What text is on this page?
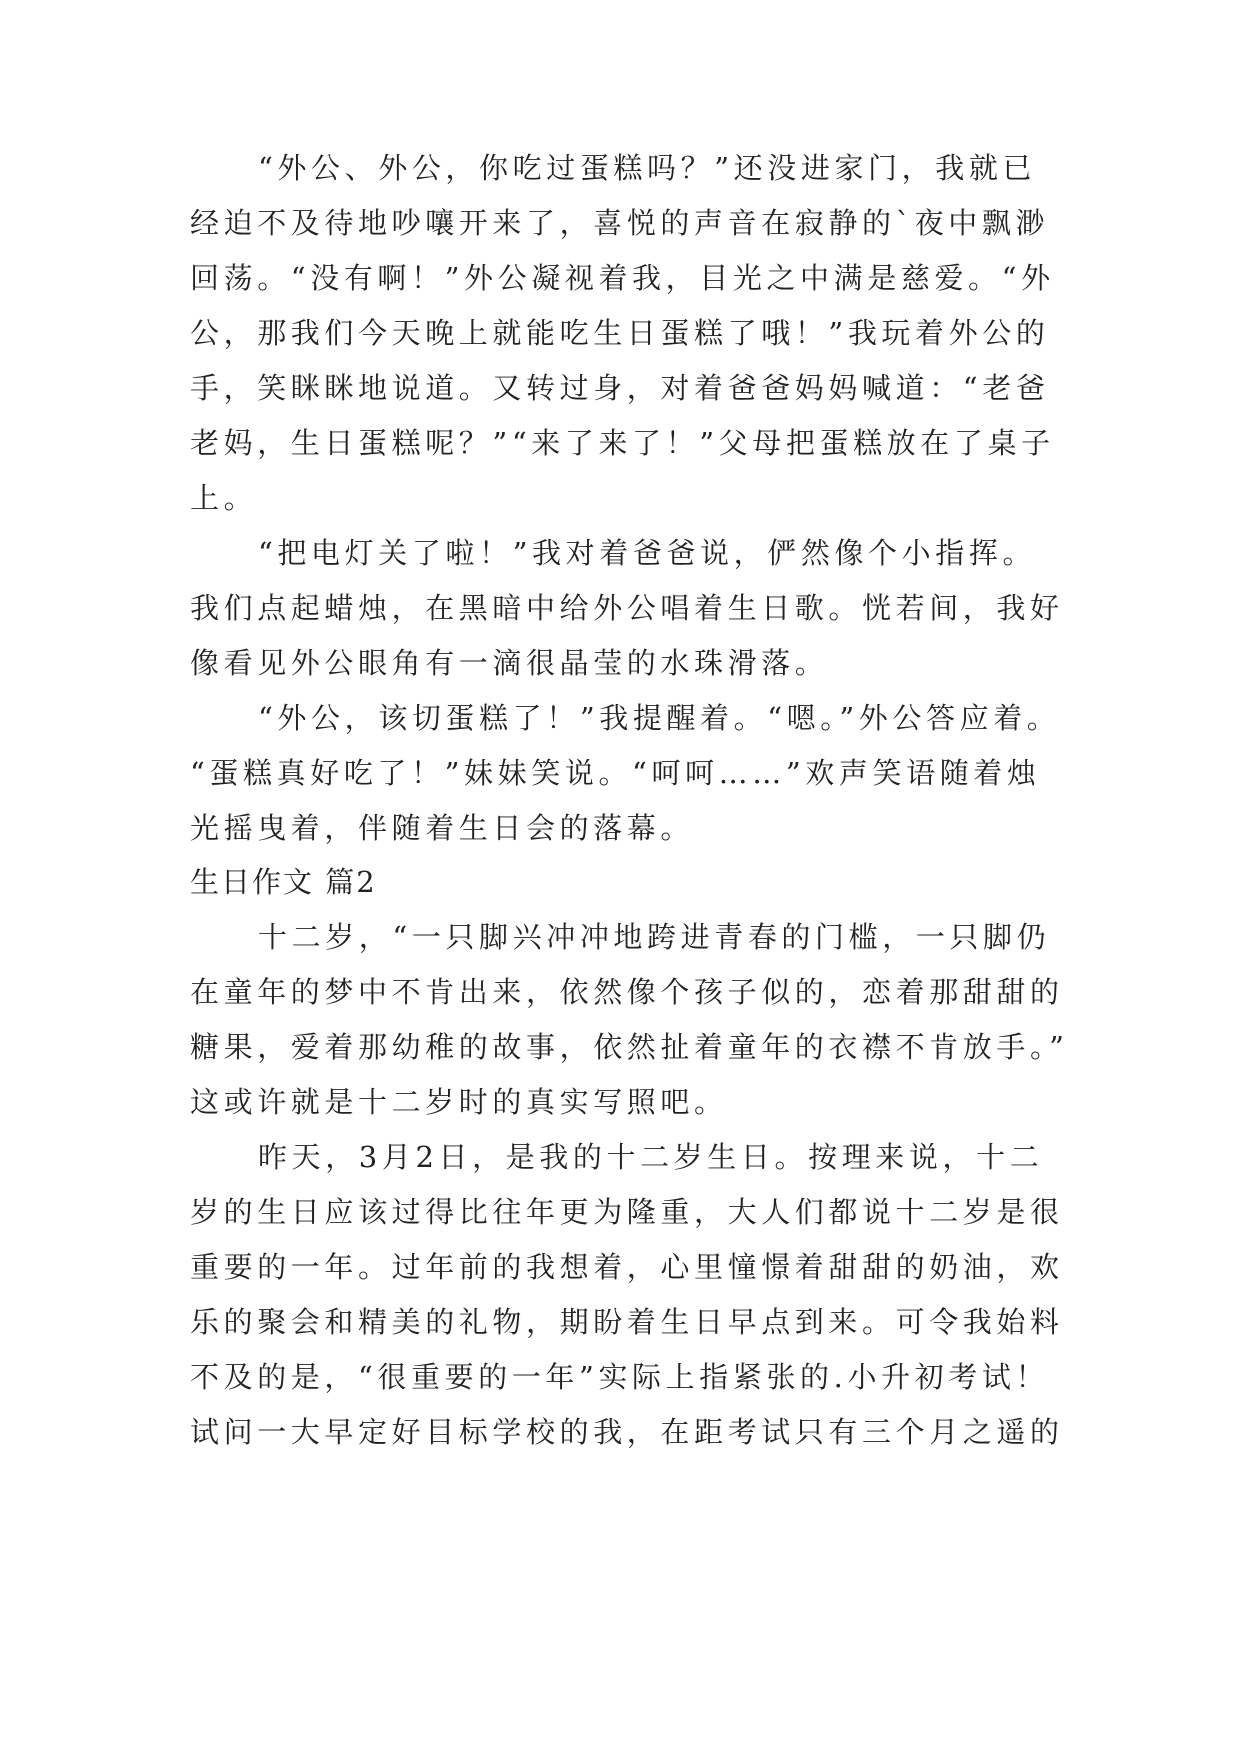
“外公、外公，你吃过蛋糕吗？”还没进家门，我就已
经迫不及待地吵嚷开来了，喜悦的声音在寂静的`夜中飘渺
回荡。“没有啊！”外公凝视着我，目光之中满是慈爱。“外
公，那我们今天晚上就能吃生日蛋糕了哦！”我玩着外公的
手，笑眯眯地说道。又转过身，对着爸爸妈妈喊道：“老爸
老妈，生日蛋糕呢？”“来了来了！”父母把蛋糕放在了桌子
上。
“把电灯关了啦！”我对着爸爸说，俨然像个小指挥。
我们点起蜡烛，在黑暗中给外公唱着生日歌。恍若间，我好
像看见外公眼角有一滴很晶莹的水珠滑落。
“外公，该切蛋糕了！”我提醒着。“嗯。”外公答应着。
“蛋糕真好吃了！”妹妹笑说。“呵呵……”欢声笑语随着烛
光摇曳着，伴随着生日会的落幕。
生日作文 篇2
十二岁，“一只脚兴冲冲地跨进青春的门槛，一只脚仍
在童年的梦中不肯出来，依然像个孩子似的，恋着那甜甜的
糖果，爱着那幼稚的故事，依然扯着童年的衣襟不肯放手。”
这或许就是十二岁时的真实写照吧。
昨天，3月2日，是我的十二岁生日。按理来说，十二
岁的生日应该过得比往年更为隆重，大人们都说十二岁是很
重要的一年。过年前的我想着，心里憧憬着甜甜的奶油，欢
乐的聚会和精美的礼物，期盼着生日早点到来。可令我始料
不及的是，“很重要的一年”实际上指紧张的.小升初考试！
试问一大早定好目标学校的我，在距考试只有三个月之遥的
